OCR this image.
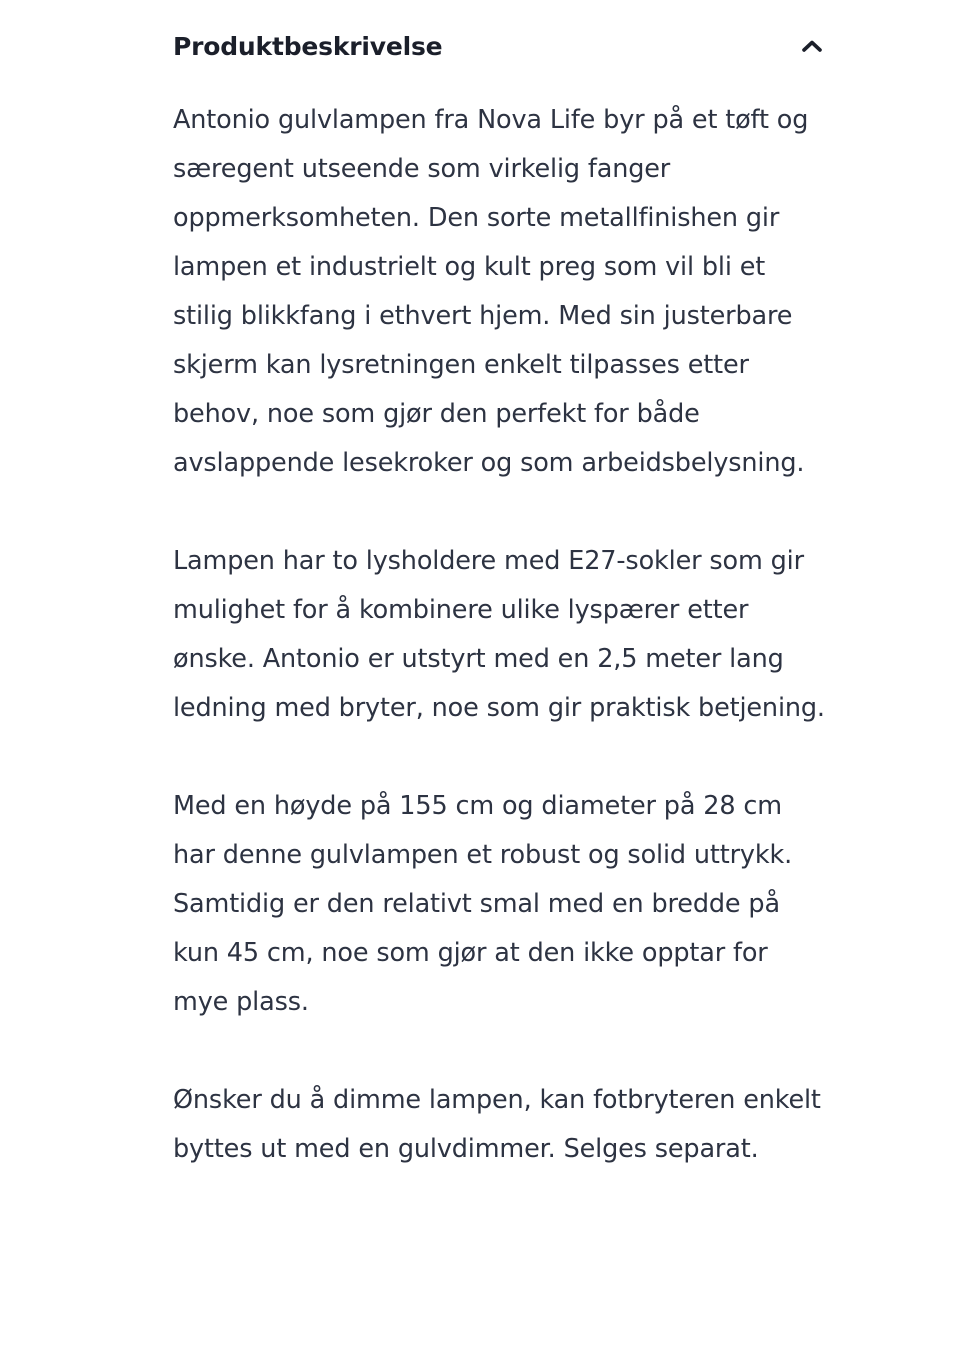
Produktbeskrivelse

Antonio gulvlampen fra Nova Life byr på et tøft og særegent utseende som virkelig fanger oppmerksomheten. Den sorte metallfinishen gir lampen et industrielt og kult preg som vil bli et stilig blikkfang i ethvert hjem. Med sin justerbare skjerm kan lysretningen enkelt tilpasses etter behov, noe som gjør den perfekt for både avslappende lesekroker og som arbeidsbelysning.

Lampen har to lysholdere med E27-sokler som gir mulighet for å kombinere ulike lyspærer etter ønske. Antonio er utstyrt med en 2,5 meter lang ledning med bryter, noe som gir praktisk betjening.

Med en høyde på 155 cm og diameter på 28 cm har denne gulvlampen et robust og solid uttrykk. Samtidig er den relativt smal med en bredde på kun 45 cm, noe som gjør at den ikke opptar for mye plass.

Ønsker du å dimme lampen, kan fotbryteren enkelt byttes ut med en gulvdimmer. Selges separat.
